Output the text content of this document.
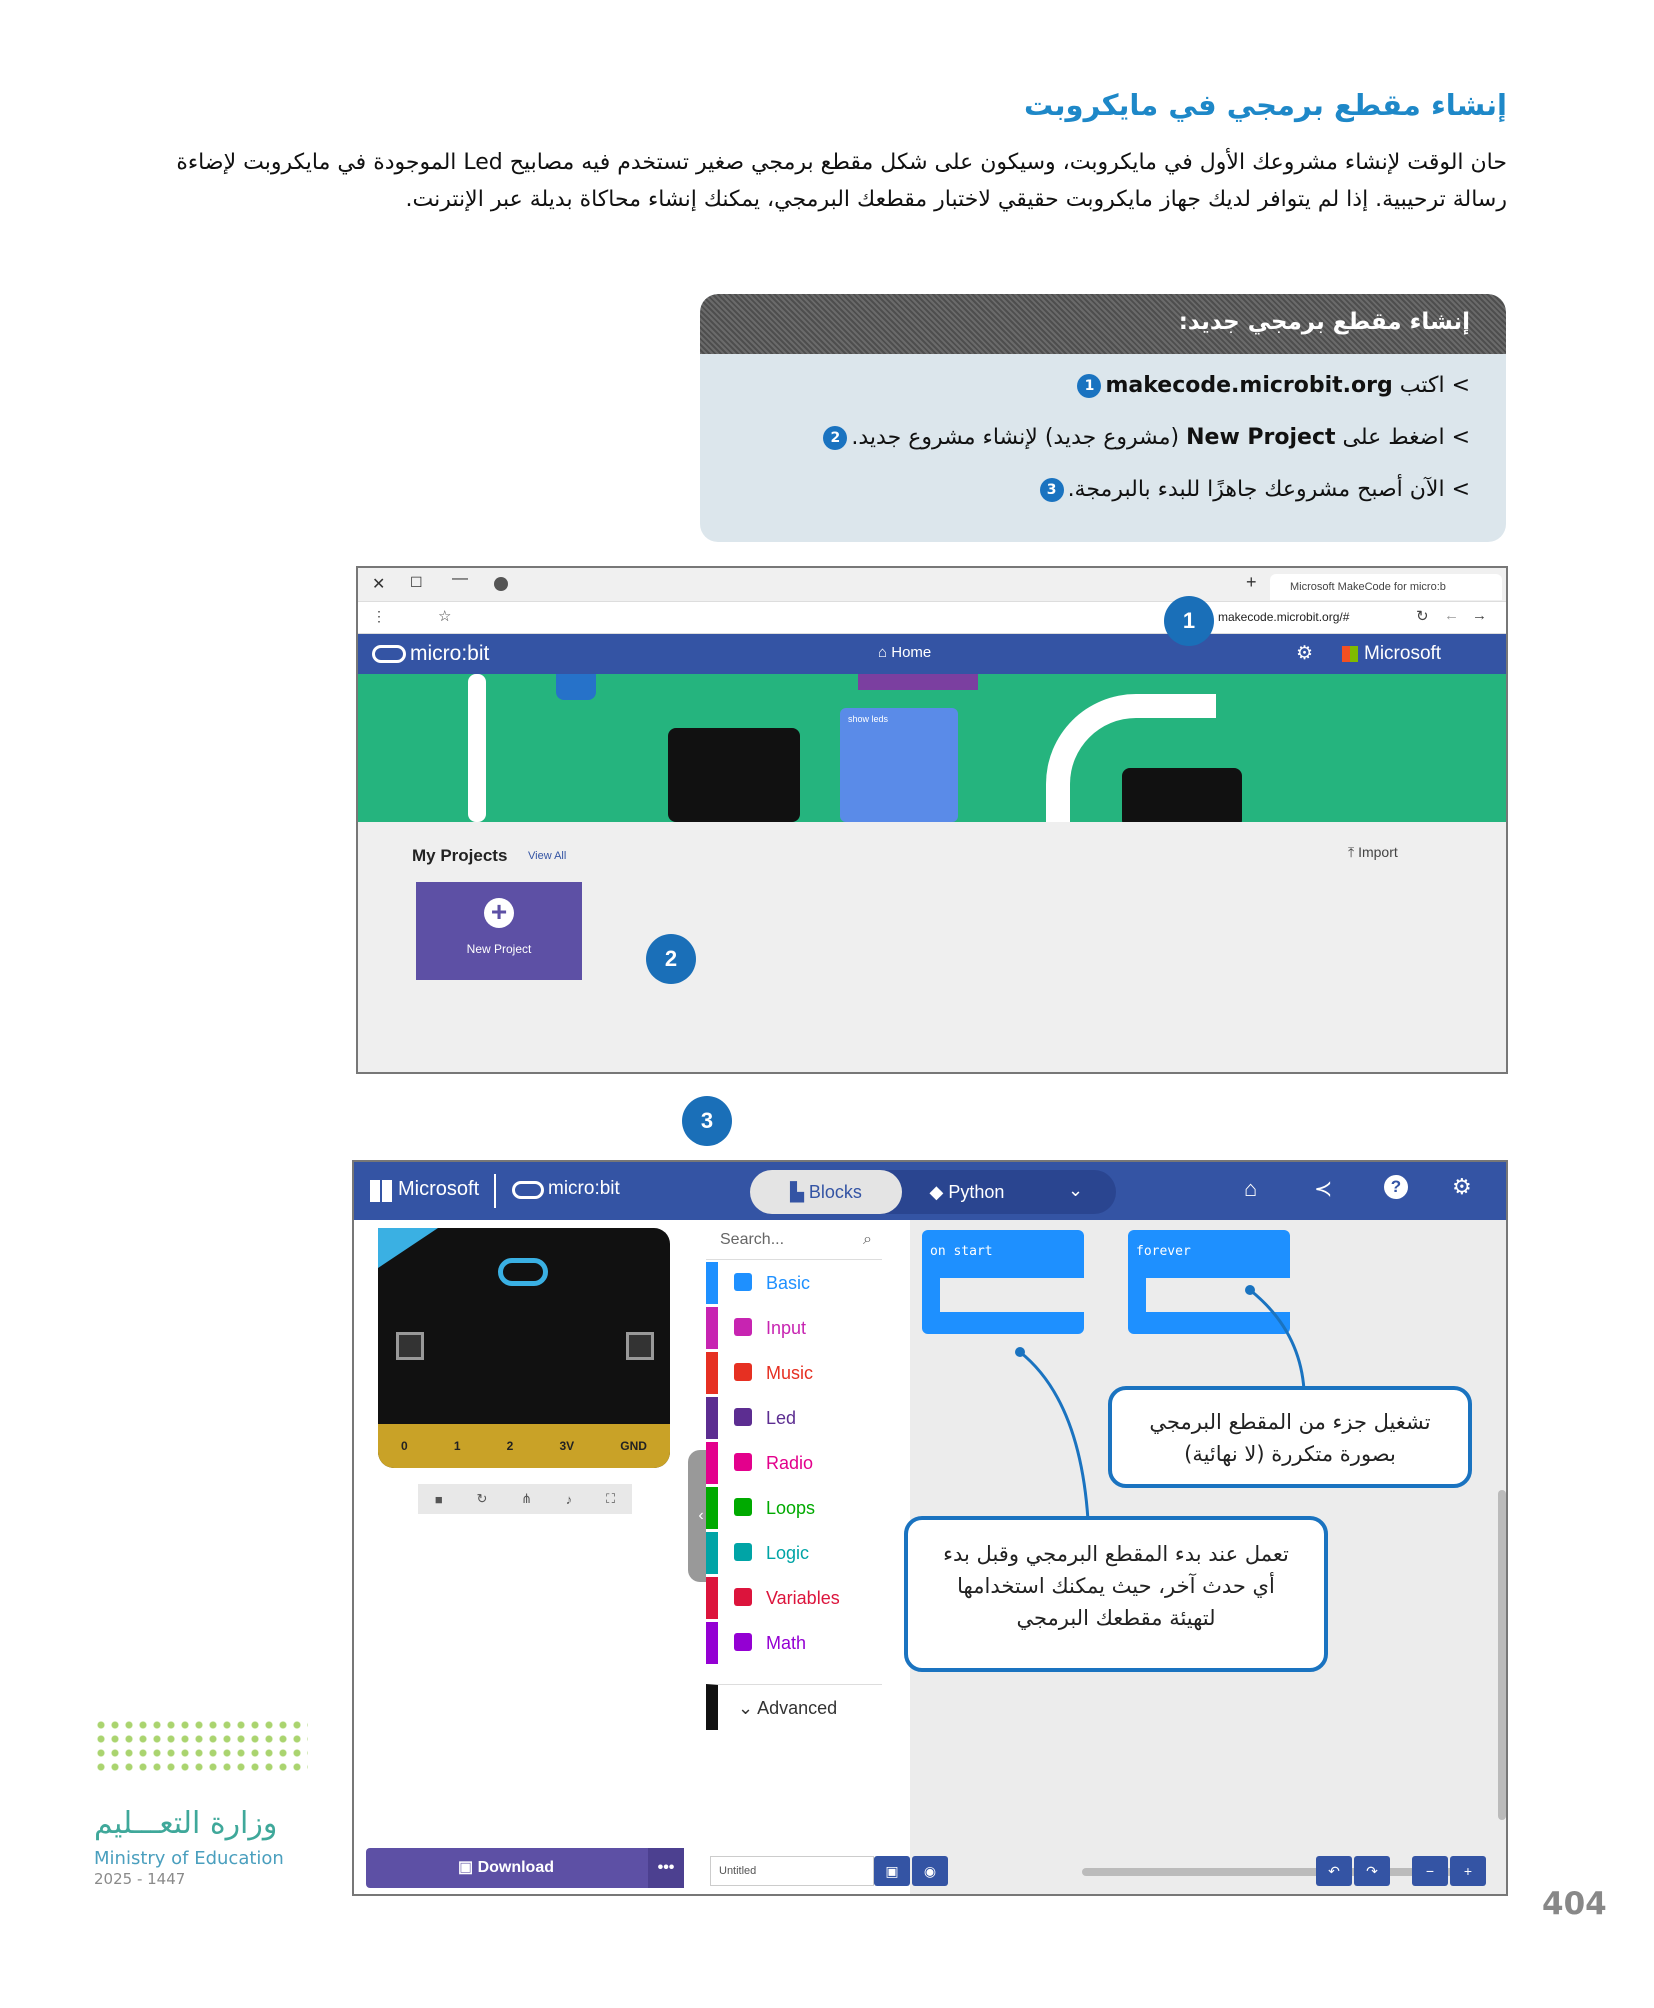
إنشاء مقطع برمجي في مايكروبت

حان الوقت لإنشاء مشروعك الأول في مايكروبت، وسيكون على شكل مقطع برمجي صغير تستخدم فيه مصابيح Led الموجودة في مايكروبت لإضاءة رسالة ترحيبية. إذا لم يتوافر لديك جهاز مايكروبت حقيقي لاختبار مقطعك البرمجي، يمكنك إنشاء محاكاة بديلة عبر الإنترنت.

إنشاء مقطع برمجي جديد:
> اكتب makecode.microbit.org1
> اضغط على New Project (مشروع جديد) لإنشاء مشروع جديد.2
> الآن أصبح مشروعك جاهزًا للبدء بالبرمجة.3
✕ ☐ —	+	Microsoft MakeCode for micro:b
⋮	☆	makecode.microbit.org/#	↻ ← →
micro:bit	⌂ Home	⚙	Microsoft
show leds
My Projects View All	⤒ Import
+
New Project
1
2
3
Microsoft	micro:bit	▙ Blocks	◆ Python	⌄	⌂	≺	?	⚙
0	1	2	3V	GND
■	↻	⋔	♪	⛶
▣ Download	•••
‹
Search...	⌕
Basic
Input
Music
Led
Radio
Loops
Logic
Variables
Math
⌄ Advanced
on start	forever
Untitled	▣	◉	↶	↷	−	+
تشغيل جزء من المقطع البرمجي بصورة متكررة (لا نهائية)
تعمل عند بدء المقطع البرمجي وقبل بدء أي حدث آخر، حيث يمكنك استخدامها لتهيئة مقطعك البرمجي
وزارة التعـــليم
Ministry of Education
2025 - 1447
404
